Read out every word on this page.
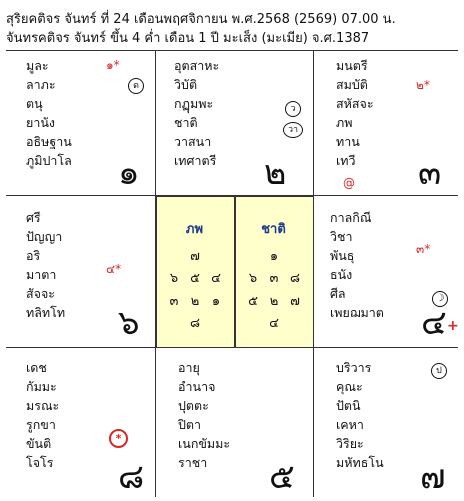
สุริยคติจร จันทร์ ที่ 24 เดือนพฤศจิกายน พ.ศ.2568 (2569) 07.00 น.
จันทรคติจร จันทร์ ขึ้น 4 ค่ำ เดือน 1 ปี มะเส็ง (มะเมีย) จ.ศ.1387
มูละ
ลาภะ
ตนุ
ยานัง
อธิษฐาน
ภูมิปาโล
๑*
ด
๑
อุตสาหะ
วิบัติ
กฏุมพะ
ชาติ
วาสนา
เทศาตรี
ว
วา
๒
มนตรี
สมบัติ
สหัสจะ
ภพ
ทาน
เทวี
๒*
@ ๓
ศรี
ปัญญา
อริ
มาตา
สัจจะ
ทลิทโท
๔*
๖
ภพ
๗
๖ ๕ ๔
๓ ๒ ๑
๘
ชาติ
๑
๖ ๓ ๘
๕ ๒ ๗
๔
กาลกิณี
วิชา
พันธุ
ธนัง
ศีล
เพยฌมาต
๓*
☽
๔ +
เดช
กัมมะ
มรณะ
รูกขา
ขันติ
โจโร
*
๘
อายุ
อำนาจ
ปุตตะ
ปิตา
เนกขัมมะ
ราชา	๕
บริวาร
คุณะ
ปัตนิ
เคหา
วิริยะ
มหัทธโน
ป
๗
